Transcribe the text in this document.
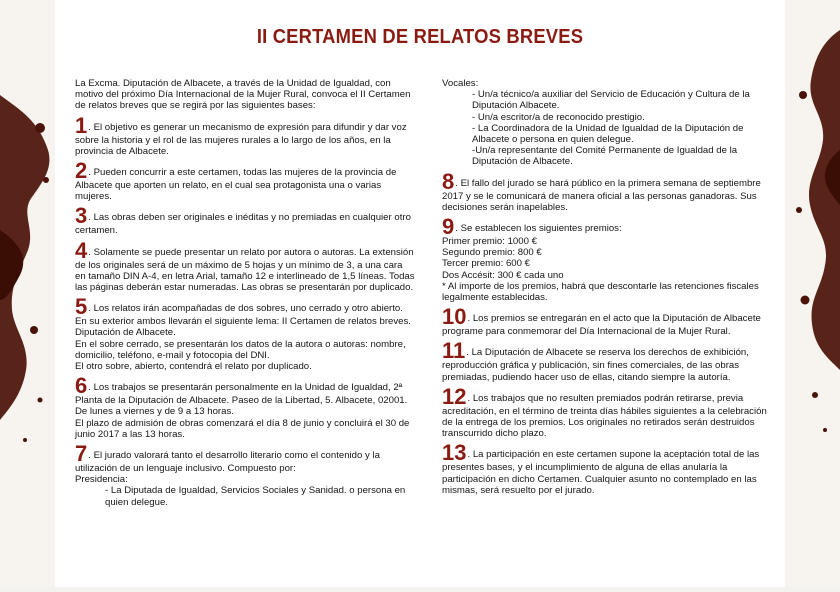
II CERTAMEN DE RELATOS BREVES

La Excma. Diputación de Albacete, a través de la Unidad de Igualdad, con motivo del próximo Día Internacional de la Mujer Rural, convoca el II Certamen de relatos breves que se regirá por las siguientes bases:

1. El objetivo es generar un mecanismo de expresión para difundir y dar voz sobre la historia y el rol de las mujeres rurales a lo largo de los años, en la provincia de Albacete.

2. Pueden concurrir a este certamen, todas las mujeres de la provincia de Albacete que aporten un relato, en el cual sea protagonista una o varias mujeres.

3. Las obras deben ser originales e inéditas y no premiadas en cualquier otro certamen.

4. Solamente se puede presentar un relato por autora o autoras. La extensión de los originales será de un máximo de 5 hojas y un mínimo de 3, a una cara en tamaño DIN A-4, en letra Arial, tamaño 12 e interlineado de 1,5 líneas. Todas las páginas deberán estar numeradas. Las obras se presentarán por duplicado.

5. Los relatos irán acompañadas de dos sobres, uno cerrado y otro abierto. En su exterior ambos llevarán el siguiente lema: II Certamen de relatos breves. Diputación de Albacete.

En el sobre cerrado, se presentarán los datos de la autora o autoras: nombre, domicilio, teléfono, e-mail y fotocopia del DNI.

El otro sobre, abierto, contendrá el relato por duplicado.

6. Los trabajos se presentarán personalmente en la Unidad de Igualdad, 2ª Planta de la Diputación de Albacete. Paseo de la Libertad, 5. Albacete, 02001.

De lunes a viernes y de 9 a 13 horas.

El plazo de admisión de obras comenzará el día 8 de junio y concluirá el 30 de junio 2017 a las 13 horas.

7. El jurado valorará tanto el desarrollo literario como el contenido y la utilización de un lenguaje inclusivo. Compuesto por:

Presidencia:

- La Diputada de Igualdad, Servicios Sociales y Sanidad. o persona en quien delegue.

Vocales:

- Un/a técnico/a auxiliar del Servicio de Educación y Cultura de la Diputación Albacete.

- Un/a escritor/a de reconocido prestigio.

- La Coordinadora de la Unidad de Igualdad de la Diputación de Albacete o persona en quien delegue.

-Un/a representante del Comité Permanente de Igualdad de la Diputación de Albacete.

8. El fallo del jurado se hará público en la primera semana de septiembre 2017 y se le comunicará de manera oficial a las personas ganadoras. Sus decisiones serán inapelables.

9. Se establecen los siguientes premios:

Primer premio: 1000 €

Segundo premio: 800 €

Tercer premio: 600 €

Dos Accésit: 300 € cada uno

* Al importe de los premios, habrá que descontarle las retenciones fiscales legalmente establecidas.

10. Los premios se entregarán en el acto que la Diputación de Albacete programe para conmemorar del Día Internacional de la Mujer Rural.

11. La Diputación de Albacete se reserva los derechos de exhibición, reproducción gráfica y publicación, sin fines comerciales, de las obras premiadas, pudiendo hacer uso de ellas, citando siempre la autoría.

12. Los trabajos que no resulten premiados podrán retirarse, previa acreditación, en el término de treinta días hábiles siguientes a la celebración de la entrega de los premios. Los originales no retirados serán destruidos transcurrido dicho plazo.

13. La participación en este certamen supone la aceptación total de las presentes bases, y el incumplimiento de alguna de ellas anularía la participación en dicho Certamen. Cualquier asunto no contemplado en las mismas, será resuelto por el jurado.
